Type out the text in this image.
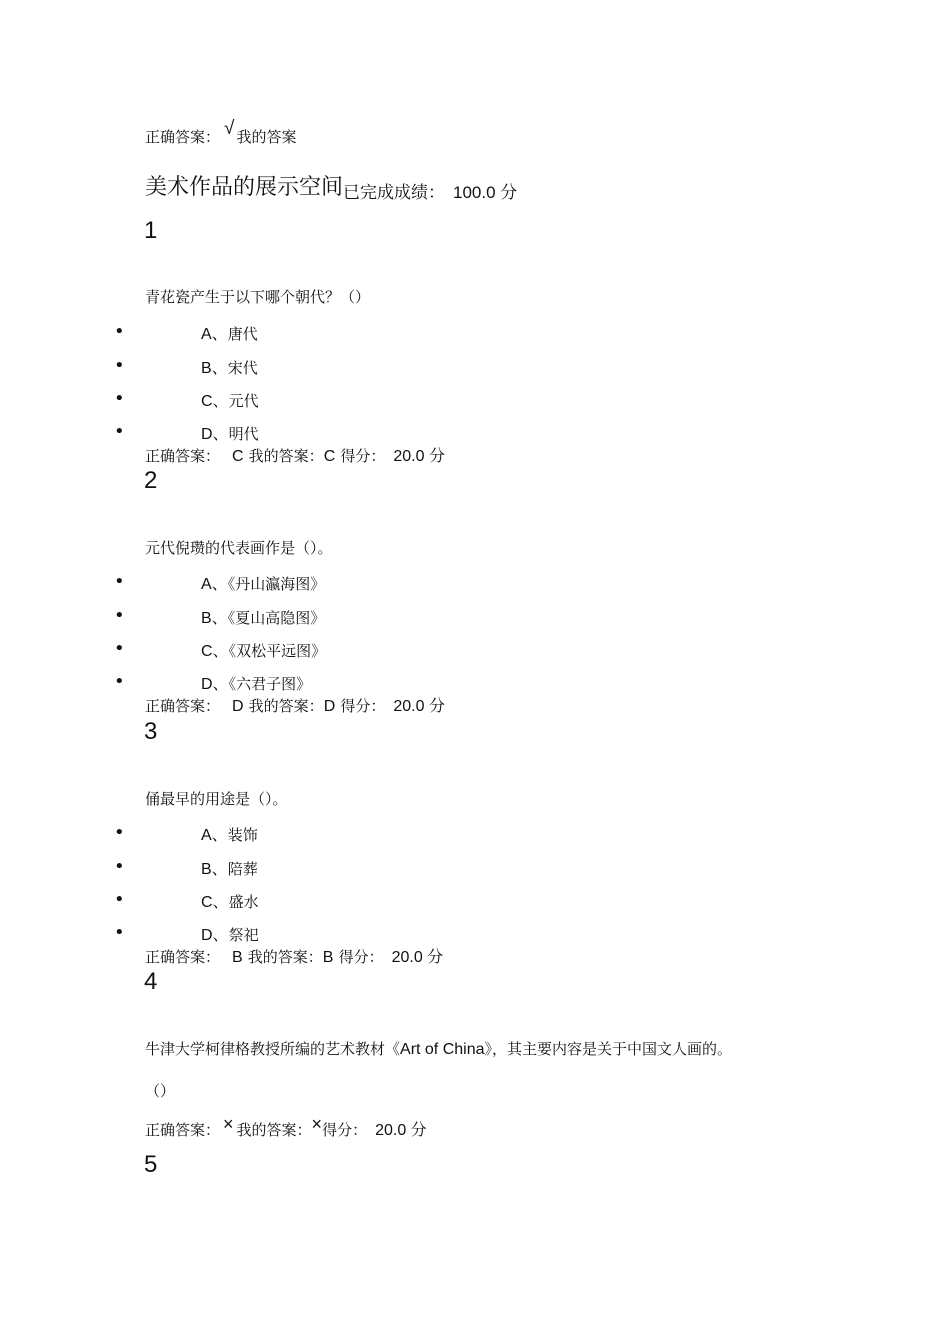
正确答案： √ 我的答案
美术作品的展示空间已完成成绩： 100.0 分
1
青花瓷产生于以下哪个朝代？（）
•	A、唐代
•	B、宋代
•	C、元代
•	D、明代
正确答案： C 我的答案：C 得分： 20.0 分
2
元代倪瓒的代表画作是（）。
•	A、《丹山瀛海图》
•	B、《夏山高隐图》
•	C、《双松平远图》
•	D、《六君子图》
正确答案： D 我的答案：D 得分： 20.0 分
3
俑最早的用途是（）。
•	A、装饰
•	B、陪葬
•	C、盛水
•	D、祭祀
正确答案： B 我的答案：B 得分： 20.0 分
4
牛津大学柯律格教授所编的艺术教材《Art of China》，其主要内容是关于中国文人画的。
（）
正确答案： × 我的答案：×得分： 20.0 分
5
